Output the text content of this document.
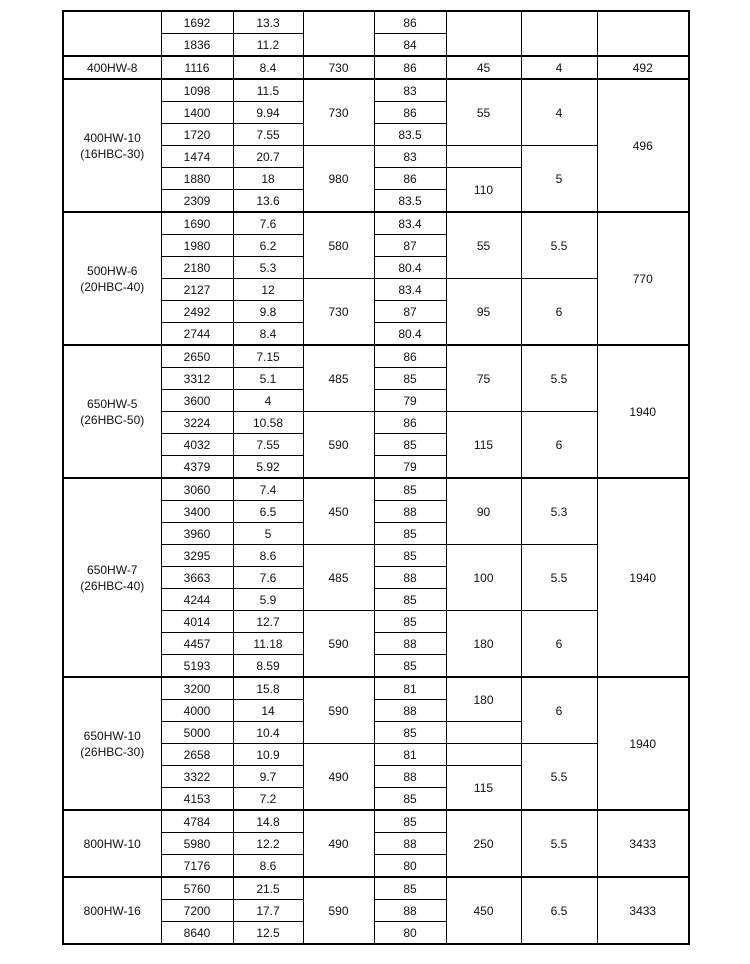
	1692	13.3		86			
	1836	11.2		84			
400HW-8	1116	8.4	730	86	45	4	492
400HW-10
(16HBC-30)	1098	11.5	730	83	55	4	496
	1400	9.94		86			
	1720	7.55		83.5			
	1474	20.7	980	83		5	
	1880	18		86	110		
	2309	13.6		83.5			
500HW-6
(20HBC-40)	1690	7.6	580	83.4	55	5.5	770
	1980	6.2		87			
	2180	5.3		80.4			
	2127	12	730	83.4	95	6	
	2492	9.8		87			
	2744	8.4		80.4			
650HW-5
(26HBC-50)	2650	7.15	485	86	75	5.5	1940
	3312	5.1		85			
	3600	4		79			
	3224	10.58	590	86	115	6	
	4032	7.55		85			
	4379	5.92		79			
650HW-7
(26HBC-40)	3060	7.4	450	85	90	5.3	1940
	3400	6.5		88			
	3960	5		85			
	3295	8.6	485	85	100	5.5	
	3663	7.6		88			
	4244	5.9		85			
	4014	12.7	590	85	180	6	
	4457	11.18		88			
	5193	8.59		85			
650HW-10
(26HBC-30)	3200	15.8	590	81	180	6	1940
	4000	14		88			
	5000	10.4		85			
	2658	10.9	490	81		5.5	
	3322	9.7		88	115		
	4153	7.2		85			
800HW-10	4784	14.8	490	85	250	5.5	3433
	5980	12.2		88			
	7176	8.6		80			
800HW-16	5760	21.5	590	85	450	6.5	3433
	7200	17.7		88			
	8640	12.5		80			
